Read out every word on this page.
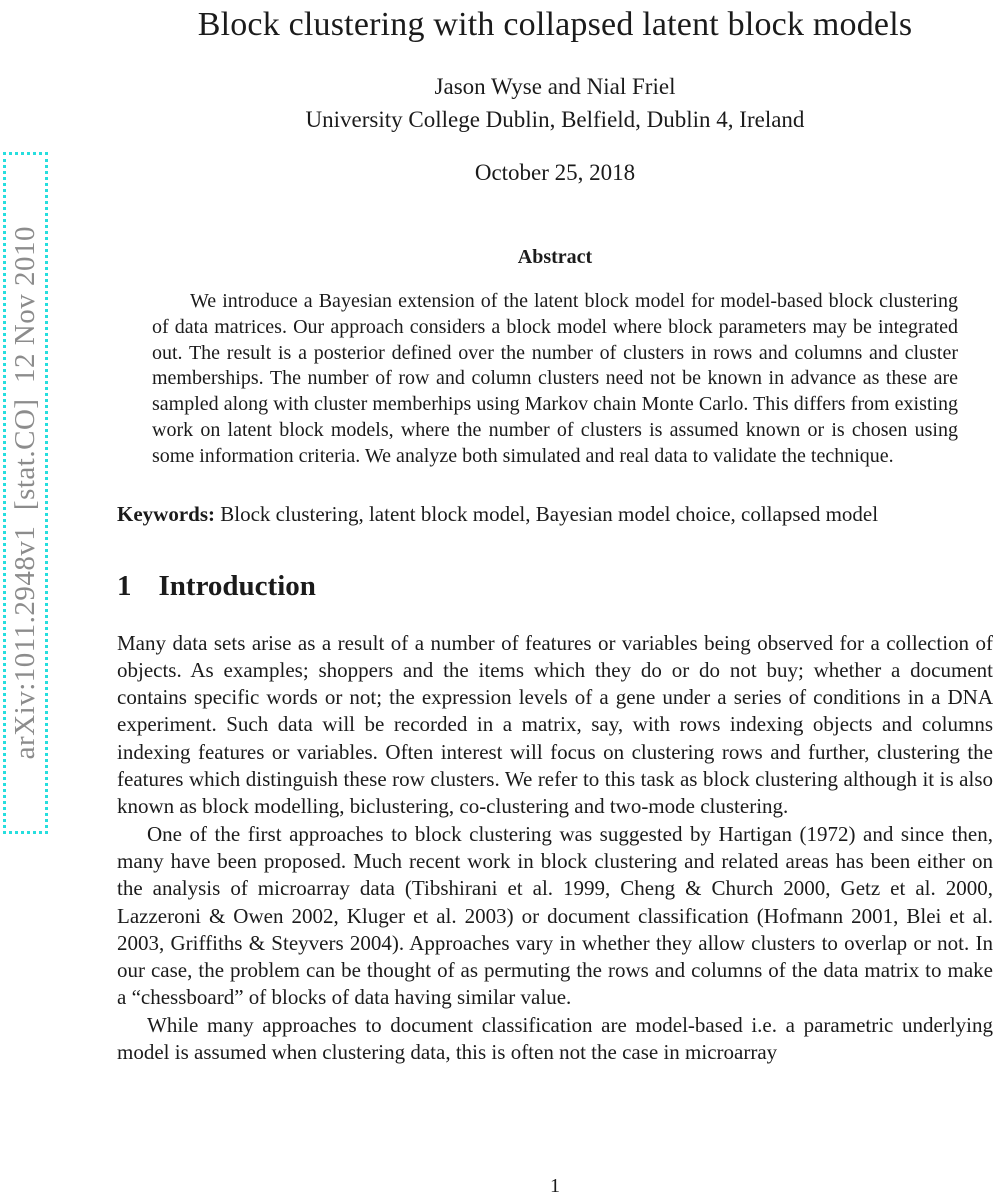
arXiv:1011.2948v1  [stat.CO]  12 Nov 2010
Block clustering with collapsed latent block models
Jason Wyse and Nial Friel
University College Dublin, Belfield, Dublin 4, Ireland
October 25, 2018
Abstract

We introduce a Bayesian extension of the latent block model for model-based block clustering of data matrices. Our approach considers a block model where block parameters may be integrated out. The result is a posterior defined over the number of clusters in rows and columns and cluster memberships. The number of row and column clusters need not be known in advance as these are sampled along with cluster memberhips using Markov chain Monte Carlo. This differs from existing work on latent block models, where the number of clusters is assumed known or is chosen using some information criteria. We analyze both simulated and real data to validate the technique.

Keywords: Block clustering, latent block model, Bayesian model choice, collapsed model

1 Introduction

Many data sets arise as a result of a number of features or variables being observed for a collection of objects. As examples; shoppers and the items which they do or do not buy; whether a document contains specific words or not; the expression levels of a gene under a series of conditions in a DNA experiment. Such data will be recorded in a matrix, say, with rows indexing objects and columns indexing features or variables. Often interest will focus on clustering rows and further, clustering the features which distinguish these row clusters. We refer to this task as block clustering although it is also known as block modelling, biclustering, co-clustering and two-mode clustering.

One of the first approaches to block clustering was suggested by Hartigan (1972) and since then, many have been proposed. Much recent work in block clustering and related areas has been either on the analysis of microarray data (Tibshirani et al. 1999, Cheng & Church 2000, Getz et al. 2000, Lazzeroni & Owen 2002, Kluger et al. 2003) or document classification (Hofmann 2001, Blei et al. 2003, Griffiths & Steyvers 2004). Approaches vary in whether they allow clusters to overlap or not. In our case, the problem can be thought of as permuting the rows and columns of the data matrix to make a “chessboard” of blocks of data having similar value.

While many approaches to document classification are model-based i.e. a parametric underlying model is assumed when clustering data, this is often not the case in microarray

1
